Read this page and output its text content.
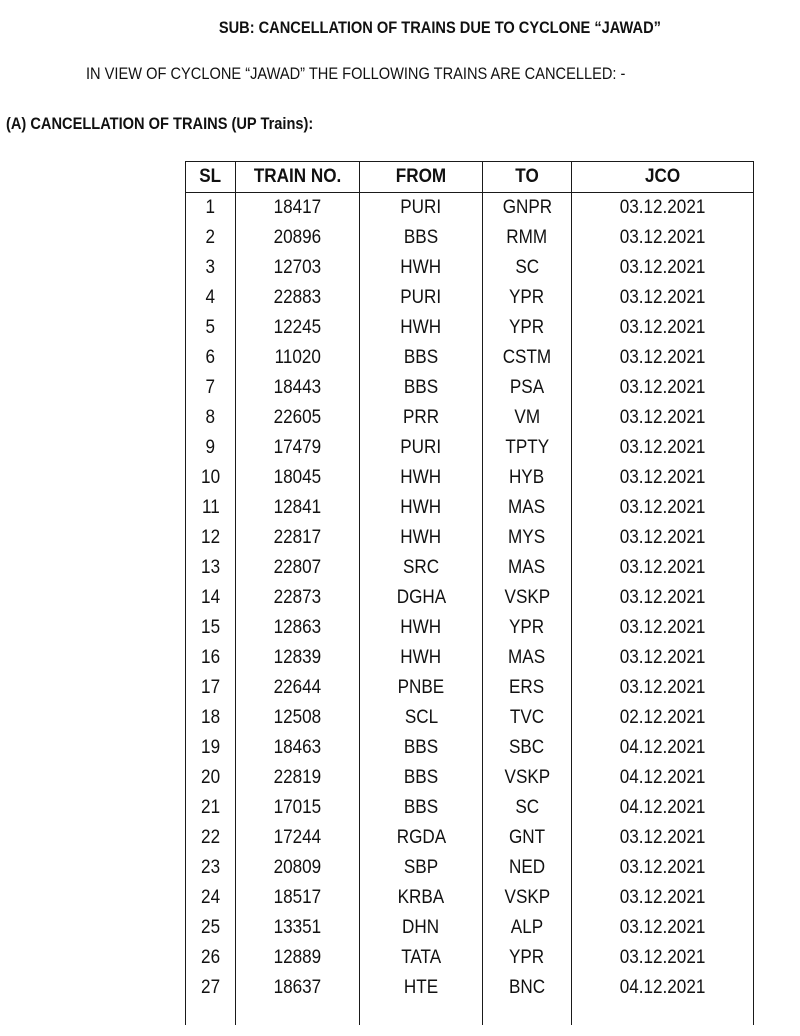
SUB: CANCELLATION OF TRAINS DUE TO CYCLONE “JAWAD”
IN VIEW OF CYCLONE “JAWAD” THE FOLLOWING TRAINS ARE CANCELLED: -
(A) CANCELLATION OF TRAINS (UP Trains):
SL	TRAIN NO.	FROM	TO	JCO
1	18417	PURI	GNPR	03.12.2021
2	20896	BBS	RMM	03.12.2021
3	12703	HWH	SC	03.12.2021
4	22883	PURI	YPR	03.12.2021
5	12245	HWH	YPR	03.12.2021
6	11020	BBS	CSTM	03.12.2021
7	18443	BBS	PSA	03.12.2021
8	22605	PRR	VM	03.12.2021
9	17479	PURI	TPTY	03.12.2021
10	18045	HWH	HYB	03.12.2021
11	12841	HWH	MAS	03.12.2021
12	22817	HWH	MYS	03.12.2021
13	22807	SRC	MAS	03.12.2021
14	22873	DGHA	VSKP	03.12.2021
15	12863	HWH	YPR	03.12.2021
16	12839	HWH	MAS	03.12.2021
17	22644	PNBE	ERS	03.12.2021
18	12508	SCL	TVC	02.12.2021
19	18463	BBS	SBC	04.12.2021
20	22819	BBS	VSKP	04.12.2021
21	17015	BBS	SC	04.12.2021
22	17244	RGDA	GNT	03.12.2021
23	20809	SBP	NED	03.12.2021
24	18517	KRBA	VSKP	03.12.2021
25	13351	DHN	ALP	03.12.2021
26	12889	TATA	YPR	03.12.2021
27	18637	HTE	BNC	04.12.2021
